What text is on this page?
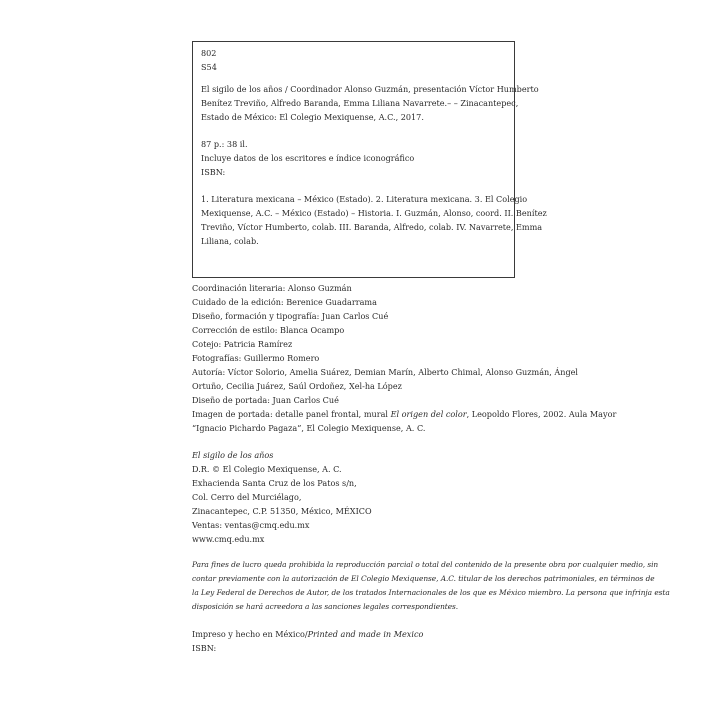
802
S54
El sigilo de los años / Coordinador Alonso Guzmán, presentación Víctor Humberto
Benítez Treviño, Alfredo Baranda, Emma Liliana Navarrete.– – Zinacantepec,
Estado de México: El Colegio Mexiquense, A.C., 2017.
87 p.: 38 il.
Incluye datos de los escritores e índice iconográfico
ISBN:
1. Literatura mexicana – México (Estado). 2. Literatura mexicana. 3. El Colegio
Mexiquense, A.C. – México (Estado) – Historia. I. Guzmán, Alonso, coord. II. Benítez
Treviño, Víctor Humberto, colab. III. Baranda, Alfredo, colab. IV. Navarrete, Emma
Liliana, colab.
Coordinación literaria: Alonso Guzmán
Cuidado de la edición: Berenice Guadarrama
Diseño, formación y tipografía: Juan Carlos Cué
Corrección de estilo: Blanca Ocampo
Cotejo: Patricia Ramírez
Fotografías: Guillermo Romero
Autoría: Víctor Solorio, Amelia Suárez, Demian Marín, Alberto Chimal, Alonso Guzmán, Ángel
Ortuño, Cecilia Juárez, Saúl Ordoñez, Xel-ha López
Diseño de portada: Juan Carlos Cué
Imagen de portada: detalle panel frontal, mural El origen del color, Leopoldo Flores, 2002. Aula Mayor
“Ignacio Pichardo Pagaza”, El Colegio Mexiquense, A. C.
El sigilo de los años
D.R. © El Colegio Mexiquense, A. C.
Exhacienda Santa Cruz de los Patos s/n,
Col. Cerro del Murciélago,
Zinacantepec, C.P. 51350, México, MÉXICO
Ventas: ventas@cmq.edu.mx
www.cmq.edu.mx
Para fines de lucro queda prohibida la reproducción parcial o total del contenido de la presente obra por cualquier medio, sin
contar previamente con la autorización de El Colegio Mexiquense, A.C. titular de los derechos patrimoniales, en términos de
la Ley Federal de Derechos de Autor, de los tratados Internacionales de los que es México miembro. La persona que infrinja esta
disposición se hará acreedora a las sanciones legales correspondientes.
Impreso y hecho en México/Printed and made in Mexico
ISBN:
